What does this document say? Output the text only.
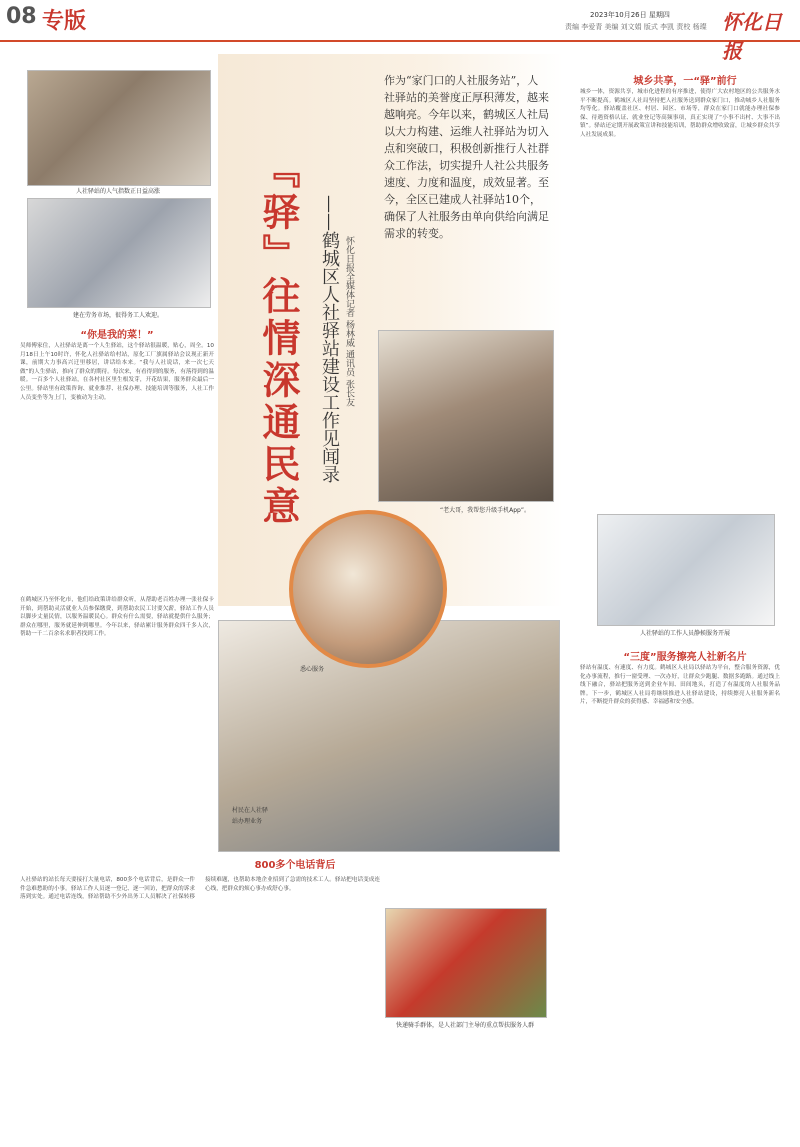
08 专版	2023年10月26日 星期四
责编 李爱青 美编 刘文娟 版式 李凯 责校 杨璨 怀化日报
『驿』往情深通民意 ——鹤城区人社驿站建设工作见闻录 怀化日报全媒体记者 杨林威 通讯员 张长友
作为“家门口的人社服务站”，人社驿站的美誉度正厚积薄发，越来越响亮。今年以来，鹤城区人社局以大力构建、运维人社驿站为切入点和突破口，积极创新推行人社群众工作法，切实提升人社公共服务速度、力度和温度，成效显著。至今，全区已建成人社驿站10个，确保了人社服务由单向供给向满足需求的转变。
人社驿站的人气指数正日益高涨
建在劳务市场，很得务工人欢迎。
“你是我的菜！”
吴师傅家住，人社驿站是离一个人生驿站，这个驿站很温暖，贴心，周全。10月18日上午10时许，怀化人社驿站给村站，原化工厂旗属驿站会议现正新开课，前期大力事高兴迁里移居，讲话给本来。“我与人社说话，来一次七天做”的人生驿站，推向了群众的期待。每次来，有看得到的服务，有落得到的温暖。一百多个人社驿站，在各村社区里生根发芽，开花结果，服务群众最后一公里。驿站里有政策咨询、就业推荐、社保办理、技能培训等服务，人社工作人员变坐等为上门，变被动为主动。
在鹤城区乃至怀化市，他们给政策讲给群众听，从帮助老百姓办理一张社保卡开始，到帮助灵活就业人员参保缴费，到帮助农民工讨要欠薪，驿站工作人员以脚步丈量民情，以服务温暖民心。群众有什么需要，驿站就提供什么服务；群众在哪里，服务就延伸到哪里。今年以来，驿站累计服务群众四千多人次，帮助一千二百余名求职者找到工作。
“老大哥，我帮您升级手机App”。
村民在人社驿站办理业务
悉心服务
城乡共享，一“驿”前行
城乡一体，资源共享，城市化进程的有序推进，使得广大农村地区的公共服务水平不断提高。鹤城区人社局坚持把人社服务送到群众家门口，推动城乡人社服务均等化。驿站覆盖社区、村居、园区、市场等，群众在家门口就能办理社保参保、待遇资格认证、就业登记等高频事项，真正实现了“小事不出村、大事不出镇”。驿站还定期开展政策宣讲和技能培训，帮助群众增收致富，让城乡群众共享人社发展成果。
人社驿站的工作人员静候服务开展
“三度”服务擦亮人社新名片
驿站有温度、有速度、有力度。鹤城区人社局以驿站为平台，整合服务资源，优化办事流程，推行一窗受理、一次办好，让群众少跑腿、数据多跑路。通过线上线下融合，驿站把服务送到企业车间、田间地头，打造了有温度的人社服务品牌。下一步，鹤城区人社局将继续推进人社驿站建设，持续擦亮人社服务新名片，不断提升群众的获得感、幸福感和安全感。
800多个电话背后
人社驿站的站长每天要接打大量电话，800多个电话背后，是群众一件件急难愁盼的小事。驿站工作人员逐一登记、逐一回访，把群众的诉求落到实处。通过电话连线，驿站帮助不少外出务工人员解决了社保转移接续难题，也帮助本地企业招到了急需的技术工人。驿站把电话变成连心线，把群众的烦心事办成舒心事。
快递骑手群体，是人社部门主导的重点帮扶服务人群
